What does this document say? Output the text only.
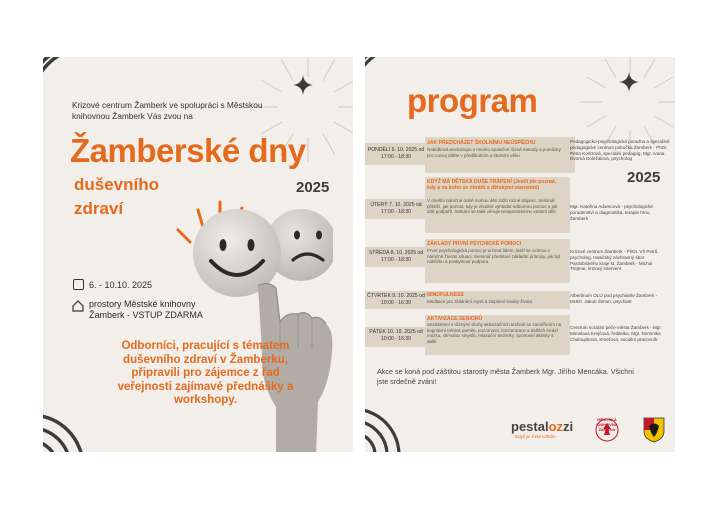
Krizové centrum Žamberk ve spolupráci s Městskou knihovnou Žamberk Vás zvou na
Žamberské dny
duševního
zdraví
2025
6. - 10.10. 2025
prostory Městské knihovny Žamberk - VSTUP ZDARMA
Odborníci, pracující s tématem duševního zdraví v Žamberku, připravili pro zájemce z řad veřejnosti zajímavé přednášky a workshopy.
program
PONDĚLÍ 6. 10. 2025 od 17:00 - 18:30
JAK PŘEDCHÁZET ŠKOLNÍMU NEÚSPĚCHU
Nabídková workshopu s mnoho společné různé metody a pomůcky pro rozvoj dítěte v předškolním a školním věku
Pedagogicko-psychologická poradna a speciálně pedagogické centrum pobočka Žamberk - PhDr. Petra Kontrová, speciální pedagog, Mgr. Ivana Dvorná Doležalová, psycholog
ÚTERÝ 7. 10. 2025 od 17:00 - 18:30
KDYŽ MÁ DĚTSKÁ DUŠE TRÁPENÍ (Jestli jde poznat, kdy a na koho se obrátit s dětskými starostmi)
V dnešní náročné době mohou děti zažít různé trápení. Seminář přiblíží, jak poznat, kdy je vhodné vyhledat odbornou pomoc a jak dítě podpořit. Setkání se také věnuje terapeutickému vedení dětí.
Mgr. Kateřina Adamcová - psychologické poradenství a diagnostika, terapie hrou, Žamberk
2025
STŘEDA 8. 10. 2025 od 17:00 - 18:30
ZÁKLADY PRVNÍ PSYCHICKÉ POMOCI
První psychologická pomoc je určená lidem, kteří se ocitnou v náročné životní situaci. Seminář představí základní principy, jak být nablízku a poskytnout podporu.
Krizové centrum Žamberk - PhDr. Vít Petrů, psycholog, Hasičský záchranný sbor Pardubického kraje st. Žamberk - Michal Trejtnar, krizový intervent
ČTVRTEK 9. 10. 2025 od 10:00 - 16:30
MINDFULNESS
Meditace pro zklidnění mysli a zlepšení kvality života
Albertinum OLÚ pod psychiatrie Žamberk - MUDr. Jakub Šimon, psychiatr
PÁTEK 10. 10. 2025 od 10:00 - 16:30
AKTIVIZACE SENIORŮ
Seznámení s různými druhy aktivizačních technik se zaměřením na kognitivní trénink paměti, pozornosti, koncentrace a dalších funkcí mozku, stimulaci smyslů, relaxační techniky, sportovní aktivity a další.
Centrum sociální péče města Žamberk - Mgr. Miroslava Krejčová, ředitelka, Mgr. Dominika Chaloupková, Kmeťová, sociální pracovník
Akce se koná pod záštitou starosty města Žamberk Mgr. Jiřího Mencáka. Všichni jste srdečně zváni!
pestalozzi
Když je život vzhůru
MĚSTSKÁ KNIHOVNA Žamberk
